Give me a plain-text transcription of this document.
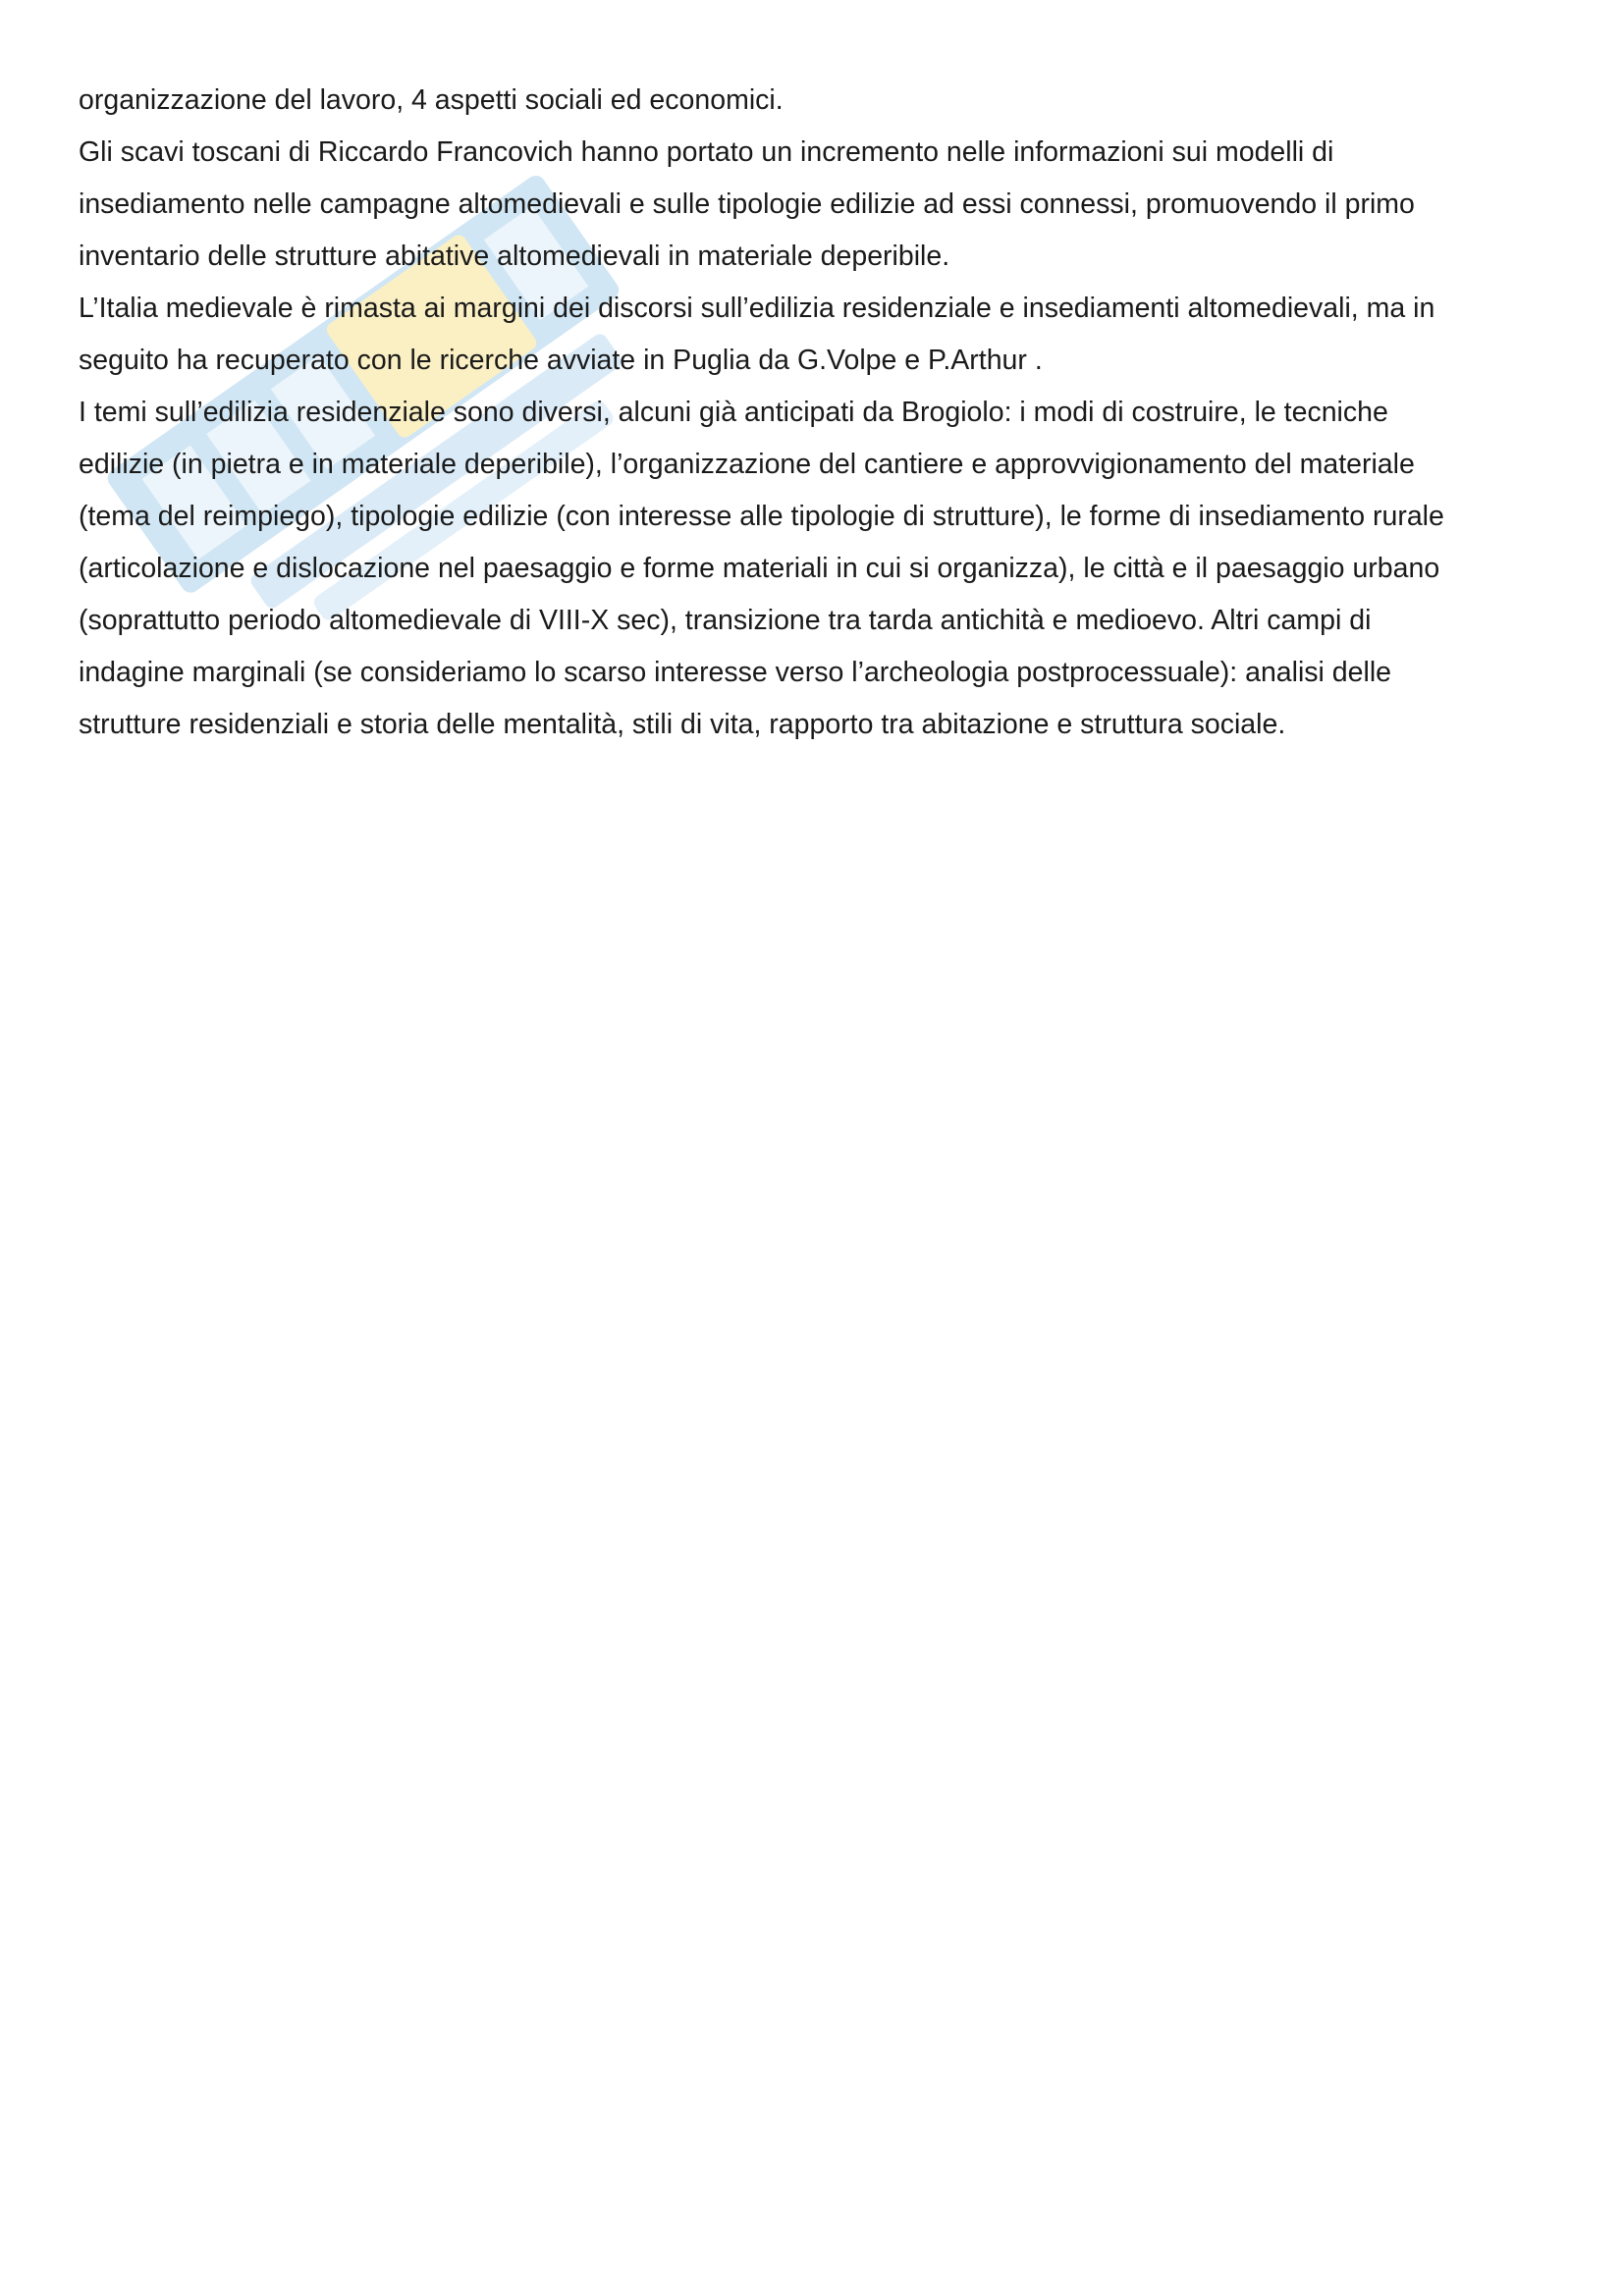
organizzazione del lavoro, 4 aspetti sociali ed economici.
Gli scavi toscani di Riccardo Francovich hanno portato un incremento nelle informazioni sui modelli di
insediamento nelle campagne altomedievali e sulle tipologie edilizie ad essi connessi, promuovendo il primo
inventario delle strutture abitative altomedievali in materiale deperibile.
L’Italia medievale è rimasta ai margini dei discorsi sull’edilizia residenziale e insediamenti altomedievali, ma in
seguito ha recuperato con le ricerche avviate in Puglia da G.Volpe e P.Arthur .
I temi sull’edilizia residenziale sono diversi, alcuni già anticipati da Brogiolo: i modi di costruire, le tecniche
edilizie (in pietra e in materiale deperibile), l’organizzazione del cantiere e approvvigionamento del materiale
(tema del reimpiego), tipologie edilizie (con interesse alle tipologie di strutture), le forme di insediamento rurale
(articolazione e dislocazione nel paesaggio e forme materiali in cui si organizza), le città e il paesaggio urbano
(soprattutto periodo altomedievale di VIII-X sec), transizione tra tarda antichità e medioevo. Altri campi di
indagine marginali (se consideriamo lo scarso interesse verso l’archeologia postprocessuale): analisi delle
strutture residenziali e storia delle mentalità, stili di vita, rapporto tra abitazione e struttura sociale.
